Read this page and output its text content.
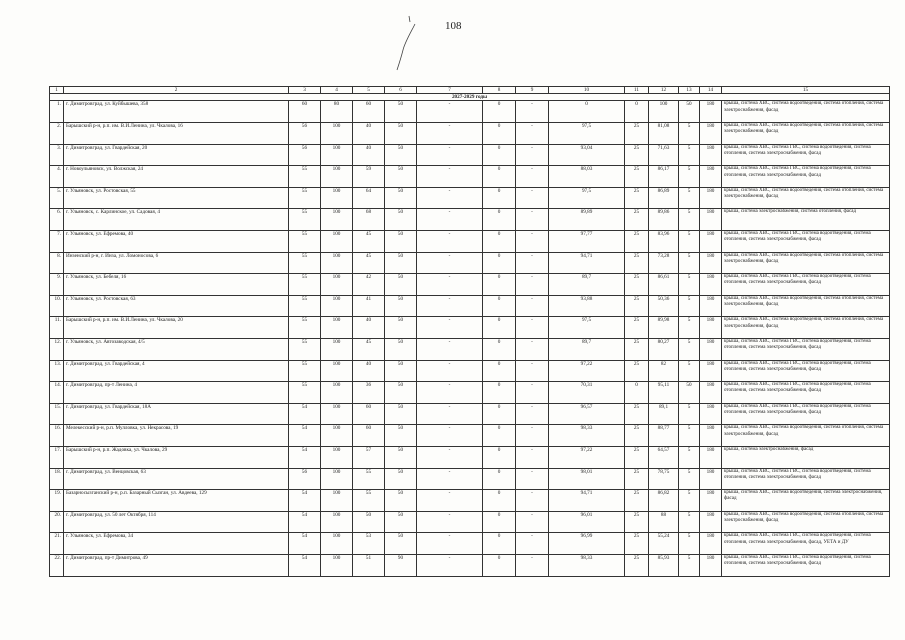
108
1	2	3	4	5	6	7	8	9	10	11	12	13	14	15
2027-2029 годы														
1.	г. Димитровград, ул. Куйбышева, 358	60	80	60	50	-	0	-	0	0	100	50	180	крыша, система ХВС, система водоотведения, система отопления, система электроснабжения, фасад
2.	Барышский р-н, р.п. им. В.И.Ленина, ул. Чкалова, 16	56	100	40	50	-	0	-	97,5	25	81,08	5	180	крыша, система ХВС, система водоотведения, система отопления, система электроснабжения, фасад
3.	г. Димитровград, ул. Гвардейская, 20	56	100	40	50	-	0	-	93,04	25	71,63	5	180	крыша, система ХВС, система ГВС, система водоотведения, система отопления, система электроснабжения, фасад
4.	г. Новоульяновск, ул. Волжская, 24	55	100	59	50	-	0	-	88,03	25	86,17	5	180	крыша, система ХВС, система ГВС, система водоотведения, система отопления, система электроснабжения, фасад
5.	г. Ульяновск, ул. Ростовская, 55	55	100	64	50	-	0	-	97,5	25	86,89	5	180	крыша, система ХВС, система водоотведения, система отопления, система электроснабжения, фасад
6.	г. Ульяновск, с. Карлинское, ул. Садовая, 4	55	100	68	50	-	0	-	89,89	25	89,86	5	180	крыша, система электроснабжения, система отопления, фасад
7.	г. Ульяновск, ул. Ефремова, 40	55	100	45	50	-	0	-	97,77	25	83,96	5	180	крыша, система ХВС, система ГВС, система водоотведения, система отопления, система электроснабжения, фасад
8.	Инзенский р-н, г. Инза, ул. Ломоносова, 6	55	100	45	50	-	0	-	94,71	25	73,28	5	180	крыша, система ХВС, система водоотведения, система отопления, система электроснабжения, фасад
9.	г. Ульяновск, ул. Бебеля, 16	55	100	42	50	-	0	-	89,7	25	86,61	5	180	крыша, система ХВС, система ГВС, система водоотведения, система отопления, система электроснабжения, фасад
10.	г. Ульяновск, ул. Ростовская, 63	55	100	41	50	-	0	-	93,88	25	50,36	5	180	крыша, система ХВС, система водоотведения, система отопления, система электроснабжения, фасад
11.	Барышский р-н, р.п. им. В.И.Ленина, ул. Чкалова, 20	55	100	40	50	-	0	-	97,5	25	89,98	5	180	крыша, система ХВС, система водоотведения, система отопления, система электроснабжения, фасад
12.	г. Ульяновск, ул. Автозаводская, 4/5	55	100	45	50	-	0	-	89,7	25	80,27	5	180	крыша, система ХВС, система ГВС, система водоотведения, система отопления, система электроснабжения, фасад
13.	г. Димитровград, ул. Гвардейская, 4	55	100	40	50	-	0	-	97,22	25	82	5	180	крыша, система ХВС, система ГВС, система водоотведения, система отопления, система электроснабжения, фасад
14.	г. Димитровград, пр-т Ленина, 4	55	100	36	50	-	0	-	70,31	0	95,11	50	180	крыша, система ХВС, система ГВС, система водоотведения, система отопления, система электроснабжения, фасад
15.	г. Димитровград, ул. Гвардейская, 18А	54	100	60	50	-	0	-	96,57	25	89,1	5	180	крыша, система ХВС, система ГВС, система водоотведения, система отопления, система электроснабжения, фасад
16.	Мелекесский р-н, р.п. Мулловка, ул. Некрасова, 19	54	100	60	50	-	0	-	98,33	25	88,77	5	180	крыша, система ХВС, система водоотведения, система отопления, система электроснабжения, фасад
17.	Барышский р-н, р.п. Жадовка, ул. Чкалова, 29	54	100	57	50	-	0	-	97,22	25	64,57	5	180	крыша, система электроснабжения, фасад
18.	г. Димитровград, ул. Венцовская, 63	56	100	55	50	-	0	-	98,01	25	78,75	5	180	крыша, система ХВС, система ГВС, система водоотведения, система отопления, система электроснабжения, фасад
19.	Базарносызганский р-н, р.п. Базарный Сызган, ул. Авдеева, 129	54	100	55	50	-	0	-	94,71	25	86,82	5	180	крыша, система ХВС, система водоотведения, система электроснабжения, фасад
20.	г. Димитровград, ул. 50 лет Октября, 114	54	100	50	50	-	0	-	96,01	25	88	5	180	крыша, система ХВС, система водоотведения, система отопления, система электроснабжения, фасад
21.	г. Ульяновск, ул. Ефремова, 34	54	100	53	50	-	0	-	96,99	25	55,24	5	180	крыша, система ХВС, система ГВС, система водоотведения, система отопления, система электроснабжения, фасад, УЕТА и ДУ
22.	г. Димитровград, пр-т Димитрова, 49	54	100	51	90	-	0	-	98,33	25	85,93	5	180	крыша, система ХВС, система ГВС, система водоотведения, система отопления, система электроснабжения, фасад
